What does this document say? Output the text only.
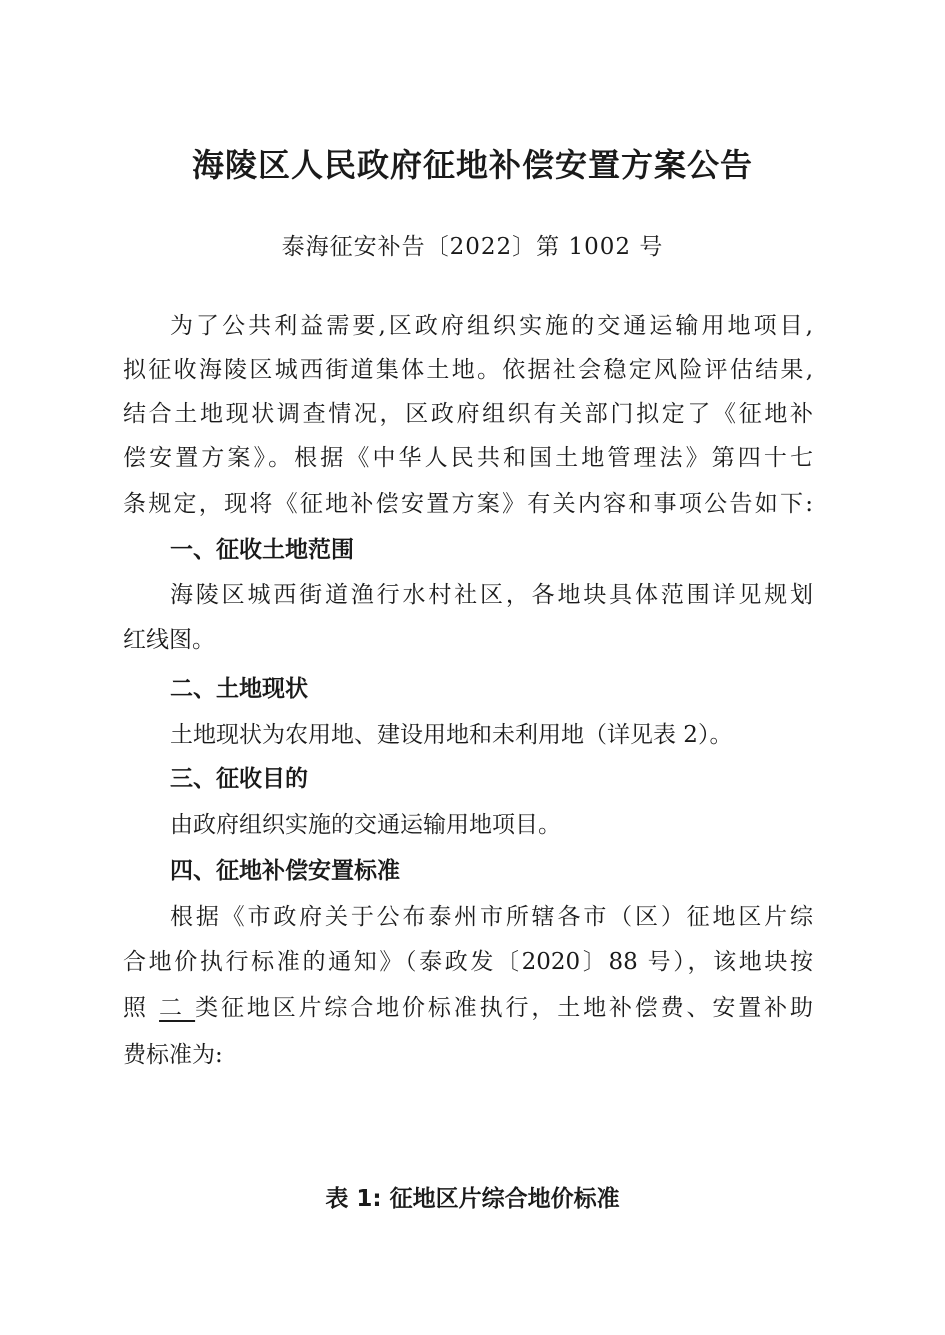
海陵区人民政府征地补偿安置方案公告
泰海征安补告〔2022〕第 1002 号
为了公共利益需要,区政府组织实施的交通运输用地项目,
拟征收海陵区城西街道集体土地。依据社会稳定风险评估结果,
结合土地现状调查情况，区政府组织有关部门拟定了《征地补
偿安置方案》。根据《中华人民共和国土地管理法》第四十七
条规定，现将《征地补偿安置方案》有关内容和事项公告如下:
一、征收土地范围
海陵区城西街道渔行水村社区，各地块具体范围详见规划
红线图。
二、土地现状
土地现状为农用地、建设用地和未利用地（详见表 2）。
三、征收目的
由政府组织实施的交通运输用地项目。
四、征地补偿安置标准
根据《市政府关于公布泰州市所辖各市（区）征地区片综
合地价执行标准的通知》（泰政发〔2020〕88 号），该地块按
照 二 类征地区片综合地价标准执行，土地补偿费、安置补助
费标准为:
表 1: 征地区片综合地价标准
